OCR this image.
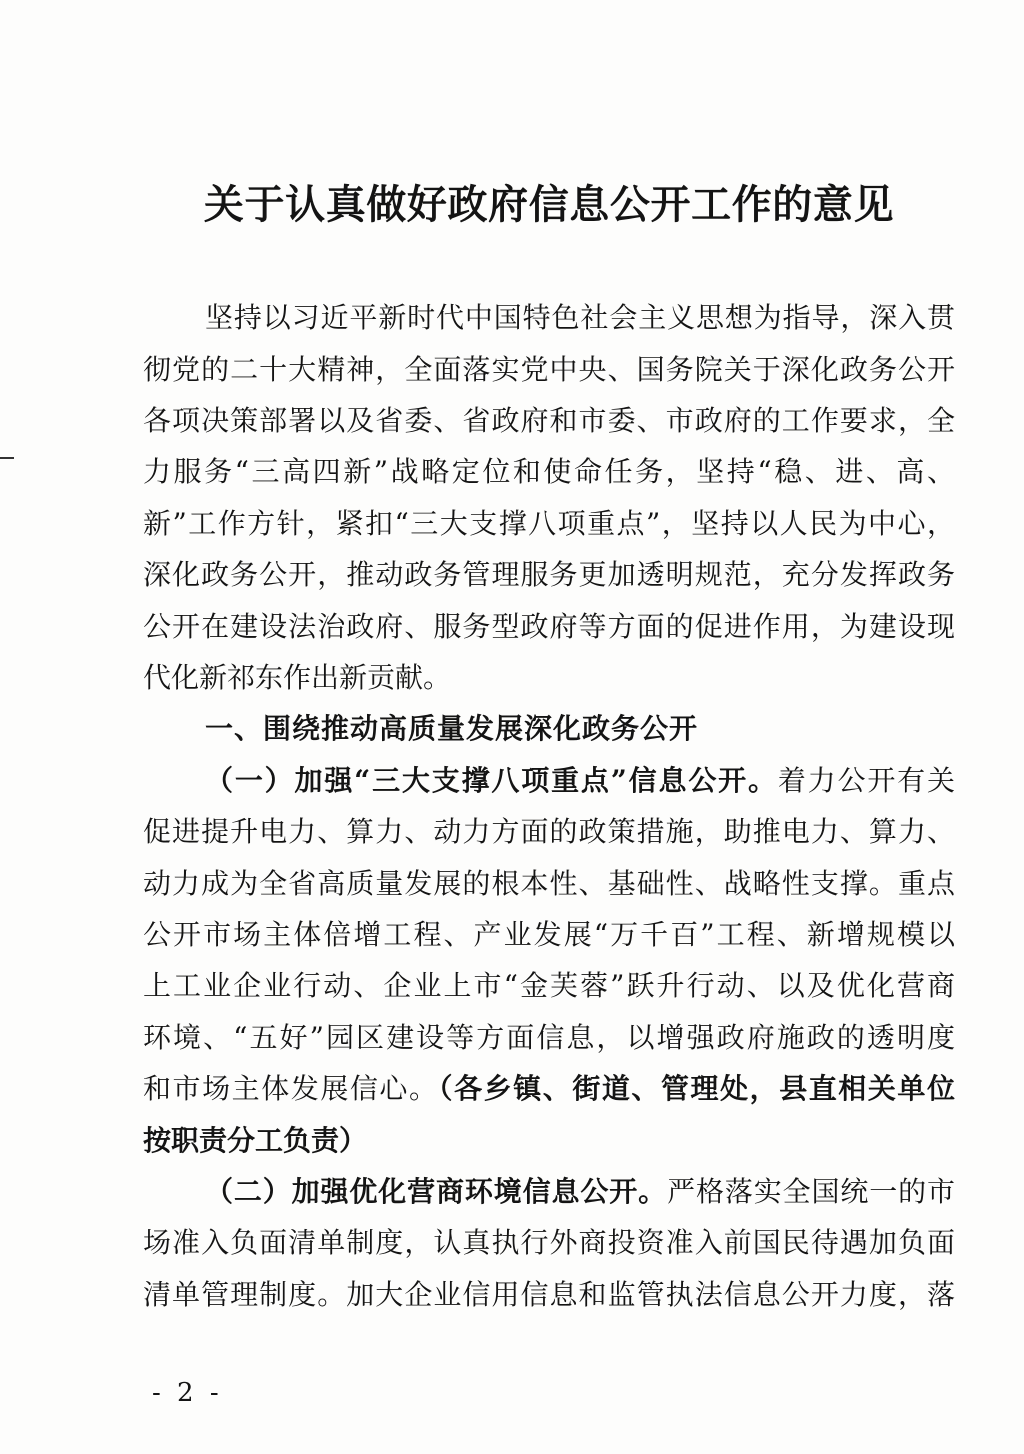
关于认真做好政府信息公开工作的意见
坚持以习近平新时代中国特色社会主义思想为指导，深入贯
彻党的二十大精神，全面落实党中央、国务院关于深化政务公开
各项决策部署以及省委、省政府和市委、市政府的工作要求，全
力服务“三高四新”战略定位和使命任务，坚持“稳、进、高、
新”工作方针，紧扣“三大支撑八项重点”，坚持以人民为中心，
深化政务公开，推动政务管理服务更加透明规范，充分发挥政务
公开在建设法治政府、服务型政府等方面的促进作用，为建设现
代化新祁东作出新贡献。
一、围绕推动高质量发展深化政务公开
（一）加强“三大支撑八项重点”信息公开。着力公开有关
促进提升电力、算力、动力方面的政策措施，助推电力、算力、
动力成为全省高质量发展的根本性、基础性、战略性支撑。重点
公开市场主体倍增工程、产业发展“万千百”工程、新增规模以
上工业企业行动、企业上市“金芙蓉”跃升行动、以及优化营商
环境、“五好”园区建设等方面信息，以增强政府施政的透明度
和市场主体发展信心。（各乡镇、街道、管理处，县直相关单位
按职责分工负责）
（二）加强优化营商环境信息公开。严格落实全国统一的市
场准入负面清单制度，认真执行外商投资准入前国民待遇加负面
清单管理制度。加大企业信用信息和监管执法信息公开力度，落
- 2 -
